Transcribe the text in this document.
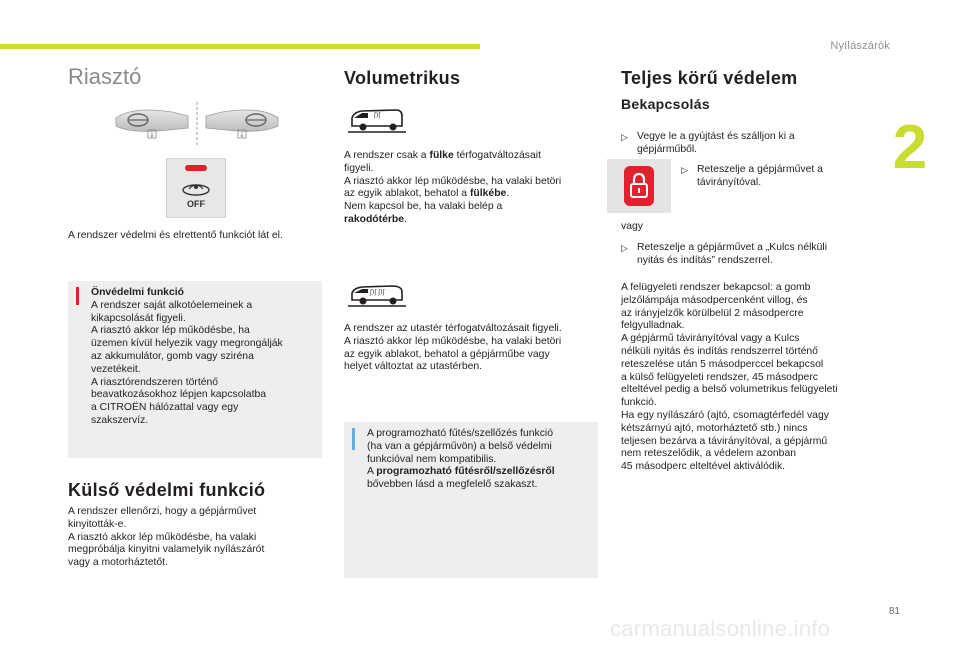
Nyílászárók
2
81
carmanualsonline.info
Riasztó
↓	↓
OFF
A rendszer védelmi és elrettentő funkciót lát el.
Önvédelmi funkció
A rendszer saját alkotóelemeinek a
kikapcsolását figyeli.
A riasztó akkor lép működésbe, ha
üzemen kívül helyezik vagy megrongálják
az akkumulátor, gomb vagy sziréna
vezetékeit.
A riasztórendszeren történő
beavatkozásokhoz lépjen kapcsolatba
a CITROËN hálózattal vagy egy
szakszervíz.
Külső védelmi funkció
A rendszer ellenőrzi, hogy a gépjárművet
kinyitották-e.
A riasztó akkor lép működésbe, ha valaki
megpróbálja kinyitni valamelyik nyílászárót
vagy a motorháztetőt.
Volumetrikus
ʃ)ʃ
A rendszer csak a fülke térfogatváltozásait
figyeli.
A riasztó akkor lép működésbe, ha valaki betöri
az egyik ablakot, behatol a fülkébe.
Nem kapcsol be, ha valaki belép a
rakodótérbe.
ʃ)ʃ ʃ)ʃ
A rendszer az utastér térfogatváltozásait figyeli.
A riasztó akkor lép működésbe, ha valaki betöri
az egyik ablakot, behatol a gépjárműbe vagy
helyet változtat az utastérben.
A programozható fűtés/szellőzés funkció
(ha van a gépjárművön) a belső védelmi
funkcióval nem kompatibilis.
A programozható fűtésről/szellőzésről
bővebben lásd a megfelelő szakaszt.
Teljes körű védelem
Bekapcsolás
▷ Vegye le a gyújtást és szálljon ki a
gépjárműből.
▷ Reteszelje a gépjárművet a
távirányítóval.
vagy
▷ Reteszelje a gépjárművet a „Kulcs nélküli
nyitás és indítás” rendszerrel.
A felügyeleti rendszer bekapcsol: a gomb
jelzőlámpája másodpercenként villog, és
az irányjelzők körülbelül 2 másodpercre
felgyulladnak.
A gépjármű távirányítóval vagy a Kulcs
nélküli nyitás és indítás rendszerrel történő
reteszelése után 5 másodperccel bekapcsol
a külső felügyeleti rendszer, 45 másodperc
elteltével pedig a belső volumetrikus felügyeleti
funkció.
Ha egy nyílászáró (ajtó, csomagtérfedél vagy
kétszárnyú ajtó, motorháztető stb.) nincs
teljesen bezárva a távirányítóval, a gépjármű
nem reteszelődik, a védelem azonban
45 másodperc elteltével aktiválódik.
